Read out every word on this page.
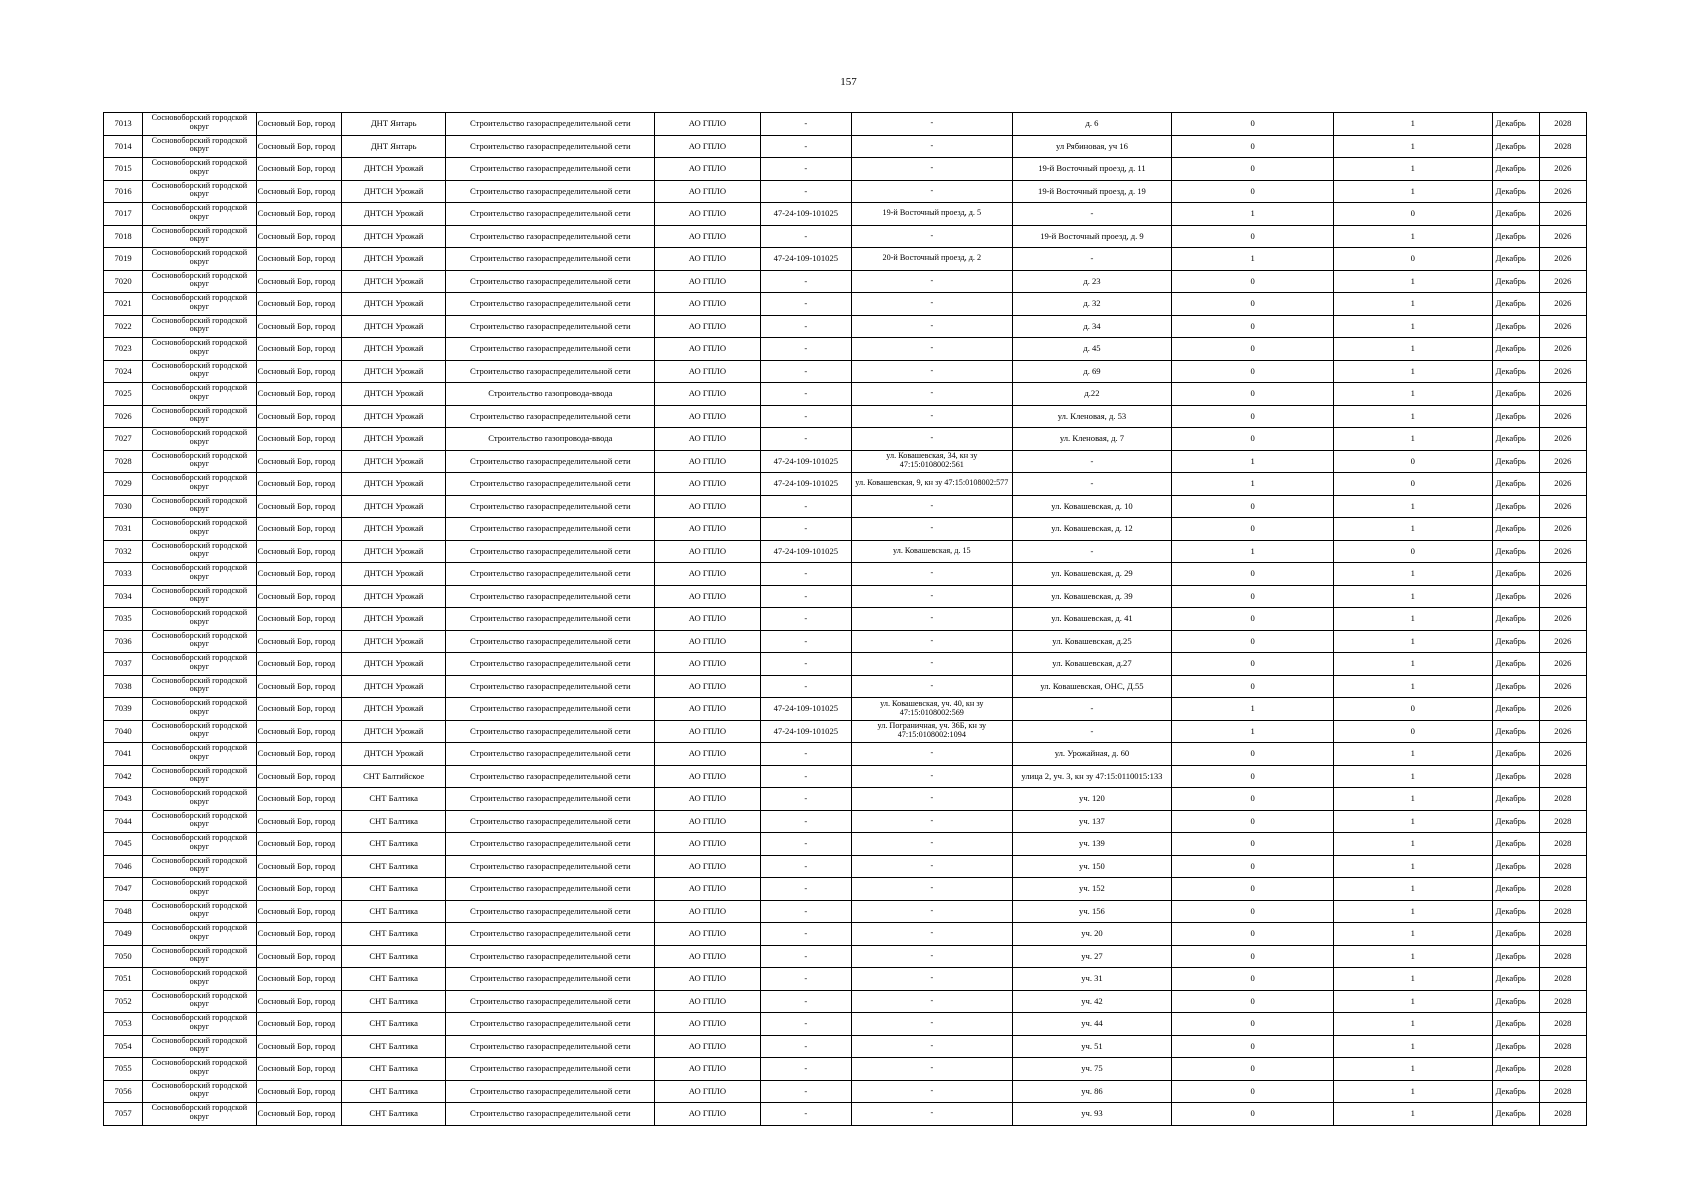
157
7013	Сосновоборский городской округ	Сосновый Бор, город	ДНТ Янтарь	Строительство газораспределительной сети	АО ГПЛО	-	-	д. 6	0	1	Декабрь	2028
7014	Сосновоборский городской округ	Сосновый Бор, город	ДНТ Янтарь	Строительство газораспределительной сети	АО ГПЛО	-	-	ул Рябиновая, уч 16	0	1	Декабрь	2028
7015	Сосновоборский городской округ	Сосновый Бор, город	ДНТСН Урожай	Строительство газораспределительной сети	АО ГПЛО	-	-	19-й Восточный проезд, д. 11	0	1	Декабрь	2026
7016	Сосновоборский городской округ	Сосновый Бор, город	ДНТСН Урожай	Строительство газораспределительной сети	АО ГПЛО	-	-	19-й Восточный проезд, д. 19	0	1	Декабрь	2026
7017	Сосновоборский городской округ	Сосновый Бор, город	ДНТСН Урожай	Строительство газораспределительной сети	АО ГПЛО	47-24-109-101025	19-й Восточный проезд, д. 5	-	1	0	Декабрь	2026
7018	Сосновоборский городской округ	Сосновый Бор, город	ДНТСН Урожай	Строительство газораспределительной сети	АО ГПЛО	-	-	19-й Восточный проезд, д. 9	0	1	Декабрь	2026
7019	Сосновоборский городской округ	Сосновый Бор, город	ДНТСН Урожай	Строительство газораспределительной сети	АО ГПЛО	47-24-109-101025	20-й Восточный проезд, д. 2	-	1	0	Декабрь	2026
7020	Сосновоборский городской округ	Сосновый Бор, город	ДНТСН Урожай	Строительство газораспределительной сети	АО ГПЛО	-	-	д. 23	0	1	Декабрь	2026
7021	Сосновоборский городской округ	Сосновый Бор, город	ДНТСН Урожай	Строительство газораспределительной сети	АО ГПЛО	-	-	д. 32	0	1	Декабрь	2026
7022	Сосновоборский городской округ	Сосновый Бор, город	ДНТСН Урожай	Строительство газораспределительной сети	АО ГПЛО	-	-	д. 34	0	1	Декабрь	2026
7023	Сосновоборский городской округ	Сосновый Бор, город	ДНТСН Урожай	Строительство газораспределительной сети	АО ГПЛО	-	-	д. 45	0	1	Декабрь	2026
7024	Сосновоборский городской округ	Сосновый Бор, город	ДНТСН Урожай	Строительство газораспределительной сети	АО ГПЛО	-	-	д. 69	0	1	Декабрь	2026
7025	Сосновоборский городской округ	Сосновый Бор, город	ДНТСН Урожай	Строительство газопровода-ввода	АО ГПЛО	-	-	д.22	0	1	Декабрь	2026
7026	Сосновоборский городской округ	Сосновый Бор, город	ДНТСН Урожай	Строительство газораспределительной сети	АО ГПЛО	-	-	ул. Кленовая, д. 53	0	1	Декабрь	2026
7027	Сосновоборский городской округ	Сосновый Бор, город	ДНТСН Урожай	Строительство газопровода-ввода	АО ГПЛО	-	-	ул. Кленовая, д. 7	0	1	Декабрь	2026
7028	Сосновоборский городской округ	Сосновый Бор, город	ДНТСН Урожай	Строительство газораспределительной сети	АО ГПЛО	47-24-109-101025	ул. Ковашевская, 34, кн зу 47:15:0108002:561	-	1	0	Декабрь	2026
7029	Сосновоборский городской округ	Сосновый Бор, город	ДНТСН Урожай	Строительство газораспределительной сети	АО ГПЛО	47-24-109-101025	ул. Ковашевская, 9, кн зу 47:15:0108002:577	-	1	0	Декабрь	2026
7030	Сосновоборский городской округ	Сосновый Бор, город	ДНТСН Урожай	Строительство газораспределительной сети	АО ГПЛО	-	-	ул. Ковашевская, д. 10	0	1	Декабрь	2026
7031	Сосновоборский городской округ	Сосновый Бор, город	ДНТСН Урожай	Строительство газораспределительной сети	АО ГПЛО	-	-	ул. Ковашевская, д. 12	0	1	Декабрь	2026
7032	Сосновоборский городской округ	Сосновый Бор, город	ДНТСН Урожай	Строительство газораспределительной сети	АО ГПЛО	47-24-109-101025	ул. Ковашевская, д. 15	-	1	0	Декабрь	2026
7033	Сосновоборский городской округ	Сосновый Бор, город	ДНТСН Урожай	Строительство газораспределительной сети	АО ГПЛО	-	-	ул. Ковашевская, д. 29	0	1	Декабрь	2026
7034	Сосновоборский городской округ	Сосновый Бор, город	ДНТСН Урожай	Строительство газораспределительной сети	АО ГПЛО	-	-	ул. Ковашевская, д. 39	0	1	Декабрь	2026
7035	Сосновоборский городской округ	Сосновый Бор, город	ДНТСН Урожай	Строительство газораспределительной сети	АО ГПЛО	-	-	ул. Ковашевская, д. 41	0	1	Декабрь	2026
7036	Сосновоборский городской округ	Сосновый Бор, город	ДНТСН Урожай	Строительство газораспределительной сети	АО ГПЛО	-	-	ул. Ковашевская, д.25	0	1	Декабрь	2026
7037	Сосновоборский городской округ	Сосновый Бор, город	ДНТСН Урожай	Строительство газораспределительной сети	АО ГПЛО	-	-	ул. Ковашевская, д.27	0	1	Декабрь	2026
7038	Сосновоборский городской округ	Сосновый Бор, город	ДНТСН Урожай	Строительство газораспределительной сети	АО ГПЛО	-	-	ул. Ковашевская, ОНС, Д.55	0	1	Декабрь	2026
7039	Сосновоборский городской округ	Сосновый Бор, город	ДНТСН Урожай	Строительство газораспределительной сети	АО ГПЛО	47-24-109-101025	ул. Ковашевская, уч. 40, кн зу 47:15:0108002:569	-	1	0	Декабрь	2026
7040	Сосновоборский городской округ	Сосновый Бор, город	ДНТСН Урожай	Строительство газораспределительной сети	АО ГПЛО	47-24-109-101025	ул. Пограничная, уч. 36Б, кн зу 47:15:0108002:1094	-	1	0	Декабрь	2026
7041	Сосновоборский городской округ	Сосновый Бор, город	ДНТСН Урожай	Строительство газораспределительной сети	АО ГПЛО	-	-	ул. Урожайная, д. 60	0	1	Декабрь	2026
7042	Сосновоборский городской округ	Сосновый Бор, город	СНТ Балтийское	Строительство газораспределительной сети	АО ГПЛО	-	-	улица 2, уч. 3, кн зу 47:15:0110015:133	0	1	Декабрь	2028
7043	Сосновоборский городской округ	Сосновый Бор, город	СНТ Балтика	Строительство газораспределительной сети	АО ГПЛО	-	-	уч. 120	0	1	Декабрь	2028
7044	Сосновоборский городской округ	Сосновый Бор, город	СНТ Балтика	Строительство газораспределительной сети	АО ГПЛО	-	-	уч. 137	0	1	Декабрь	2028
7045	Сосновоборский городской округ	Сосновый Бор, город	СНТ Балтика	Строительство газораспределительной сети	АО ГПЛО	-	-	уч. 139	0	1	Декабрь	2028
7046	Сосновоборский городской округ	Сосновый Бор, город	СНТ Балтика	Строительство газораспределительной сети	АО ГПЛО	-	-	уч. 150	0	1	Декабрь	2028
7047	Сосновоборский городской округ	Сосновый Бор, город	СНТ Балтика	Строительство газораспределительной сети	АО ГПЛО	-	-	уч. 152	0	1	Декабрь	2028
7048	Сосновоборский городской округ	Сосновый Бор, город	СНТ Балтика	Строительство газораспределительной сети	АО ГПЛО	-	-	уч. 156	0	1	Декабрь	2028
7049	Сосновоборский городской округ	Сосновый Бор, город	СНТ Балтика	Строительство газораспределительной сети	АО ГПЛО	-	-	уч. 20	0	1	Декабрь	2028
7050	Сосновоборский городской округ	Сосновый Бор, город	СНТ Балтика	Строительство газораспределительной сети	АО ГПЛО	-	-	уч. 27	0	1	Декабрь	2028
7051	Сосновоборский городской округ	Сосновый Бор, город	СНТ Балтика	Строительство газораспределительной сети	АО ГПЛО	-	-	уч. 31	0	1	Декабрь	2028
7052	Сосновоборский городской округ	Сосновый Бор, город	СНТ Балтика	Строительство газораспределительной сети	АО ГПЛО	-	-	уч. 42	0	1	Декабрь	2028
7053	Сосновоборский городской округ	Сосновый Бор, город	СНТ Балтика	Строительство газораспределительной сети	АО ГПЛО	-	-	уч. 44	0	1	Декабрь	2028
7054	Сосновоборский городской округ	Сосновый Бор, город	СНТ Балтика	Строительство газораспределительной сети	АО ГПЛО	-	-	уч. 51	0	1	Декабрь	2028
7055	Сосновоборский городской округ	Сосновый Бор, город	СНТ Балтика	Строительство газораспределительной сети	АО ГПЛО	-	-	уч. 75	0	1	Декабрь	2028
7056	Сосновоборский городской округ	Сосновый Бор, город	СНТ Балтика	Строительство газораспределительной сети	АО ГПЛО	-	-	уч. 86	0	1	Декабрь	2028
7057	Сосновоборский городской округ	Сосновый Бор, город	СНТ Балтика	Строительство газораспределительной сети	АО ГПЛО	-	-	уч. 93	0	1	Декабрь	2028
